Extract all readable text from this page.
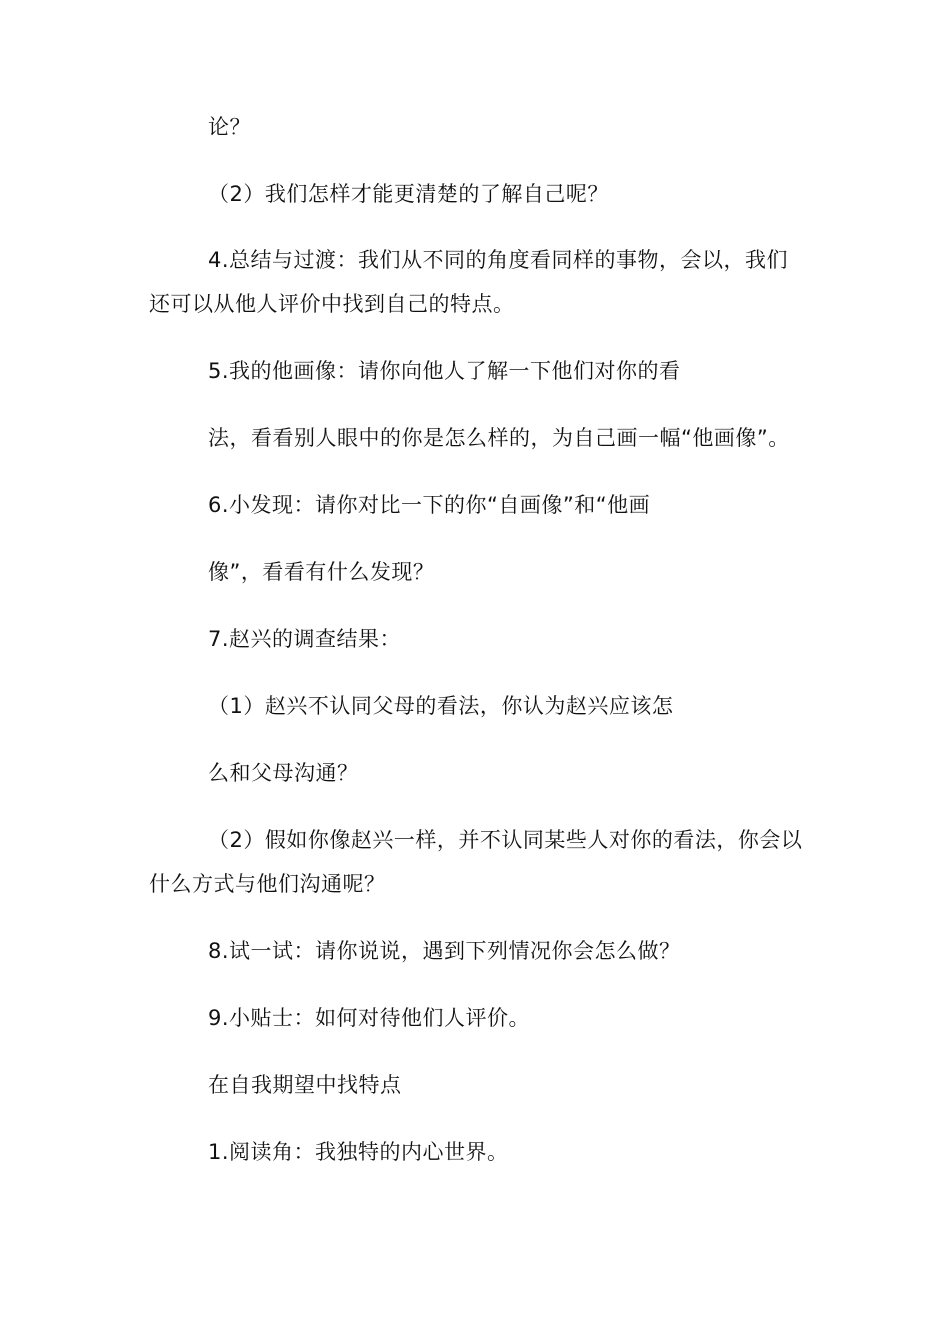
论？
（2）我们怎样才能更清楚的了解自己呢？
4.总结与过渡：我们从不同的角度看同样的事物，会以，我们
还可以从他人评价中找到自己的特点。
5.我的他画像：请你向他人了解一下他们对你的看
法，看看别人眼中的你是怎么样的，为自己画一幅“他画像”。
6.小发现：请你对比一下的你“自画像”和“他画
像”，看看有什么发现？
7.赵兴的调查结果：
（1）赵兴不认同父母的看法，你认为赵兴应该怎
么和父母沟通？
（2）假如你像赵兴一样，并不认同某些人对你的看法，你会以
什么方式与他们沟通呢？
8.试一试：请你说说，遇到下列情况你会怎么做？
9.小贴士：如何对待他们人评价。
在自我期望中找特点
1.阅读角：我独特的内心世界。
